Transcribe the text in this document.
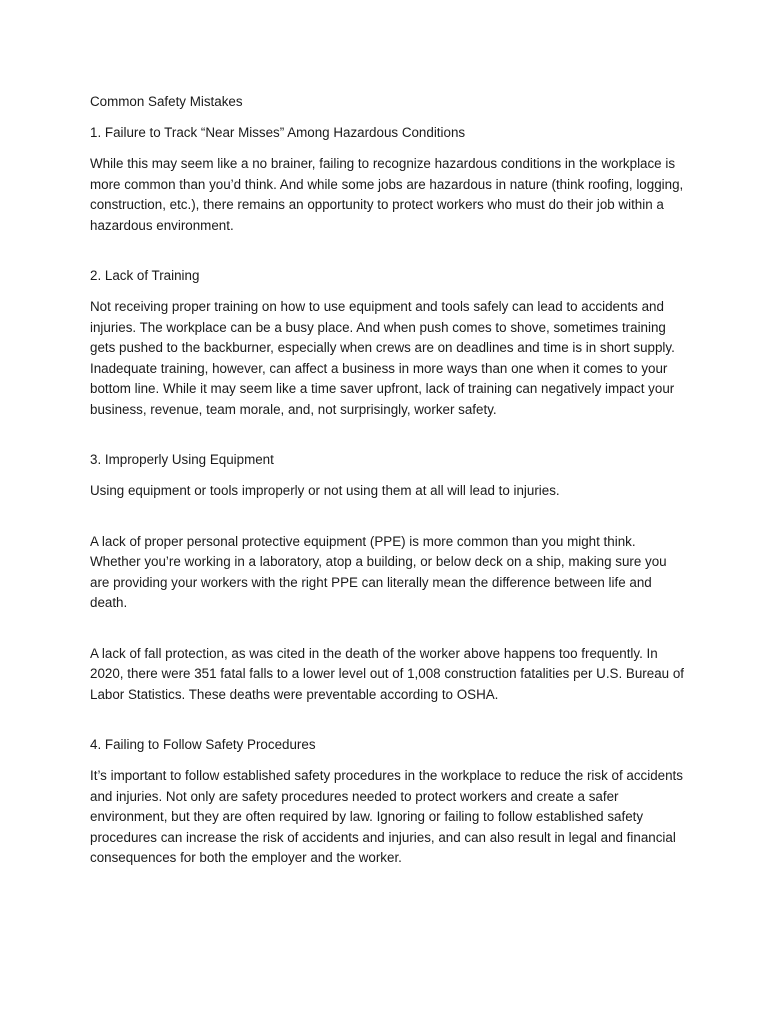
Common Safety Mistakes

1. Failure to Track “Near Misses” Among Hazardous Conditions

While this may seem like a no brainer, failing to recognize hazardous conditions in the workplace is more common than you’d think. And while some jobs are hazardous in nature (think roofing, logging, construction, etc.), there remains an opportunity to protect workers who must do their job within a hazardous environment.

2. Lack of Training

Not receiving proper training on how to use equipment and tools safely can lead to accidents and injuries. The workplace can be a busy place. And when push comes to shove, sometimes training gets pushed to the backburner, especially when crews are on deadlines and time is in short supply. Inadequate training, however, can affect a business in more ways than one when it comes to your bottom line. While it may seem like a time saver upfront, lack of training can negatively impact your business, revenue, team morale, and, not surprisingly, worker safety.

3. Improperly Using Equipment

Using equipment or tools improperly or not using them at all will lead to injuries.

A lack of proper personal protective equipment (PPE) is more common than you might think. Whether you’re working in a laboratory, atop a building, or below deck on a ship, making sure you are providing your workers with the right PPE can literally mean the difference between life and death.

A lack of fall protection, as was cited in the death of the worker above happens too frequently. In 2020, there were 351 fatal falls to a lower level out of 1,008 construction fatalities per U.S. Bureau of Labor Statistics. These deaths were preventable according to OSHA.

4. Failing to Follow Safety Procedures

It’s important to follow established safety procedures in the workplace to reduce the risk of accidents and injuries. Not only are safety procedures needed to protect workers and create a safer environment, but they are often required by law. Ignoring or failing to follow established safety procedures can increase the risk of accidents and injuries, and can also result in legal and financial consequences for both the employer and the worker.
